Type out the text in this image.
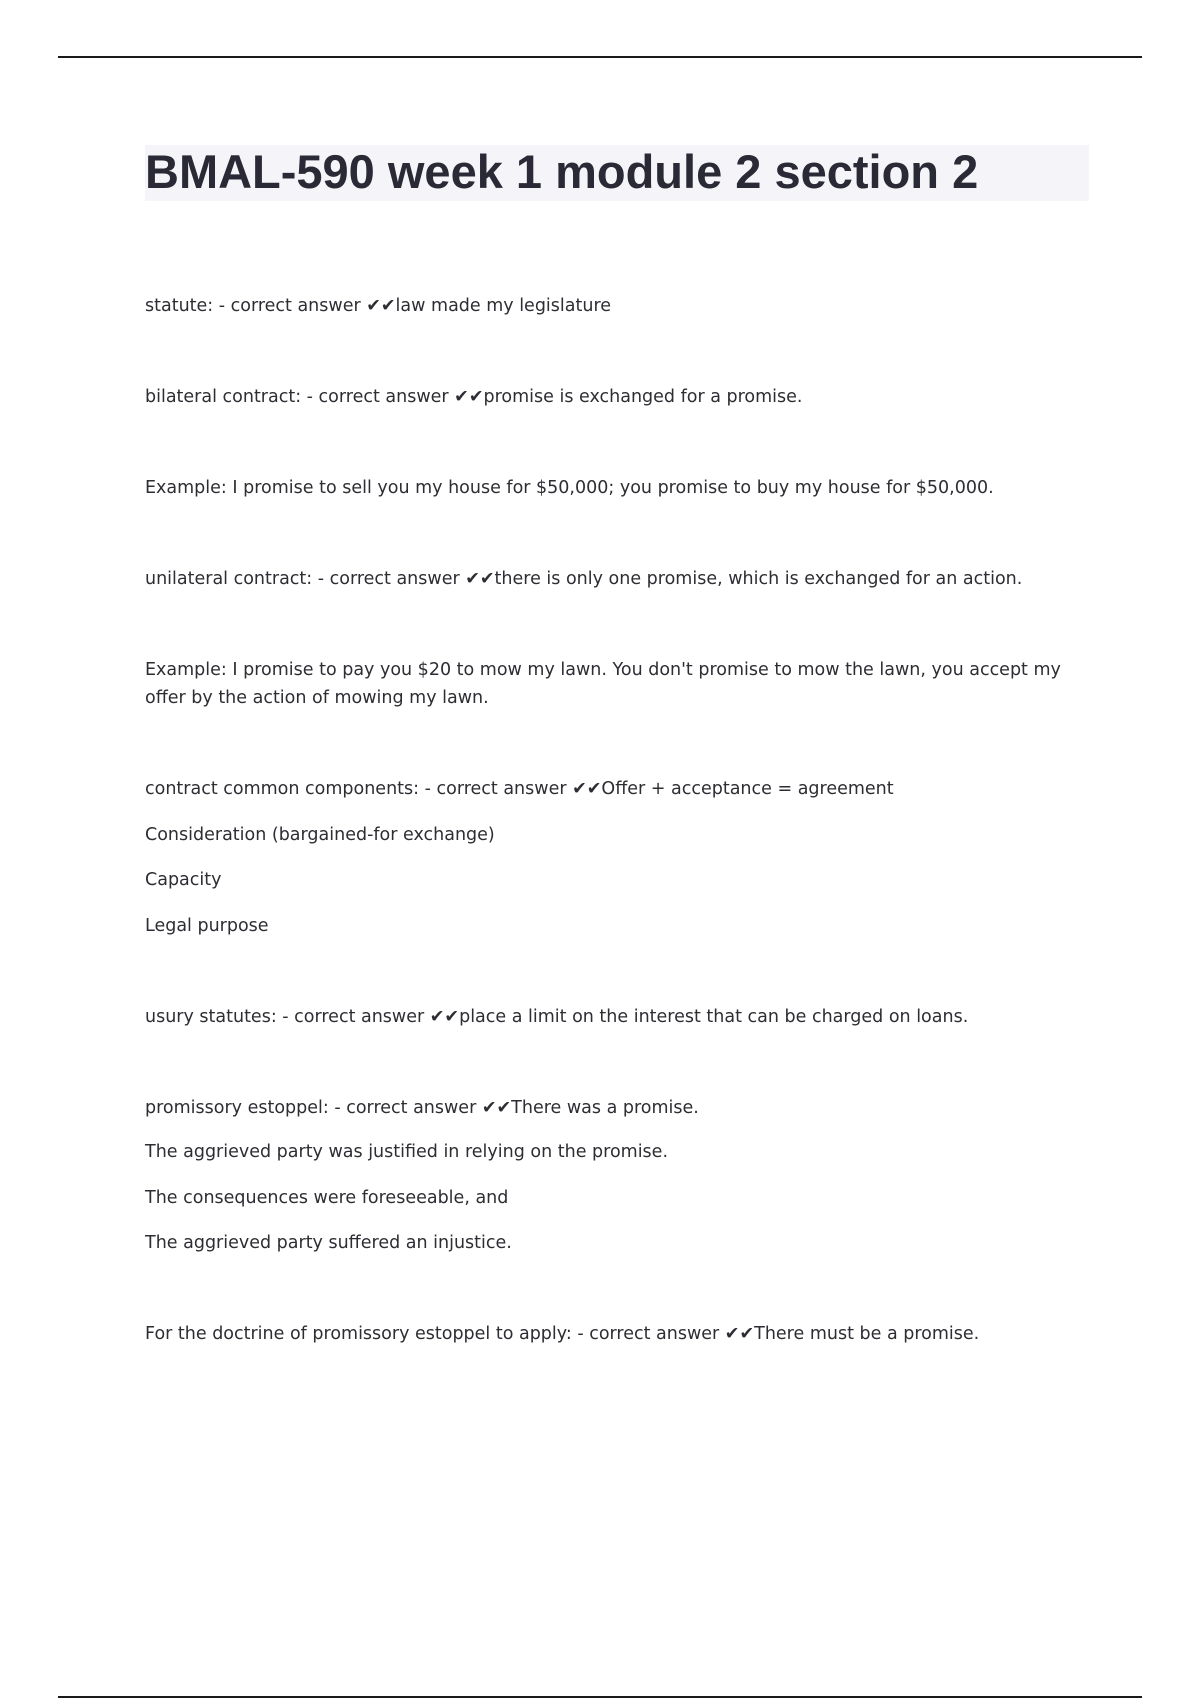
BMAL-590 week 1 module 2 section 2

statute: - correct answer ✔✔law made my legislature

bilateral contract: - correct answer ✔✔promise is exchanged for a promise.

Example: I promise to sell you my house for $50,000; you promise to buy my house for $50,000.

unilateral contract: - correct answer ✔✔there is only one promise, which is exchanged for an action.

Example: I promise to pay you $20 to mow my lawn. You don't promise to mow the lawn, you accept my offer by the action of mowing my lawn.

contract common components: - correct answer ✔✔Offer + acceptance = agreement

Consideration (bargained-for exchange)

Capacity

Legal purpose

usury statutes: - correct answer ✔✔place a limit on the interest that can be charged on loans.

promissory estoppel: - correct answer ✔✔There was a promise.

The aggrieved party was justified in relying on the promise.

The consequences were foreseeable, and

The aggrieved party suffered an injustice.

For the doctrine of promissory estoppel to apply: - correct answer ✔✔There must be a promise.
